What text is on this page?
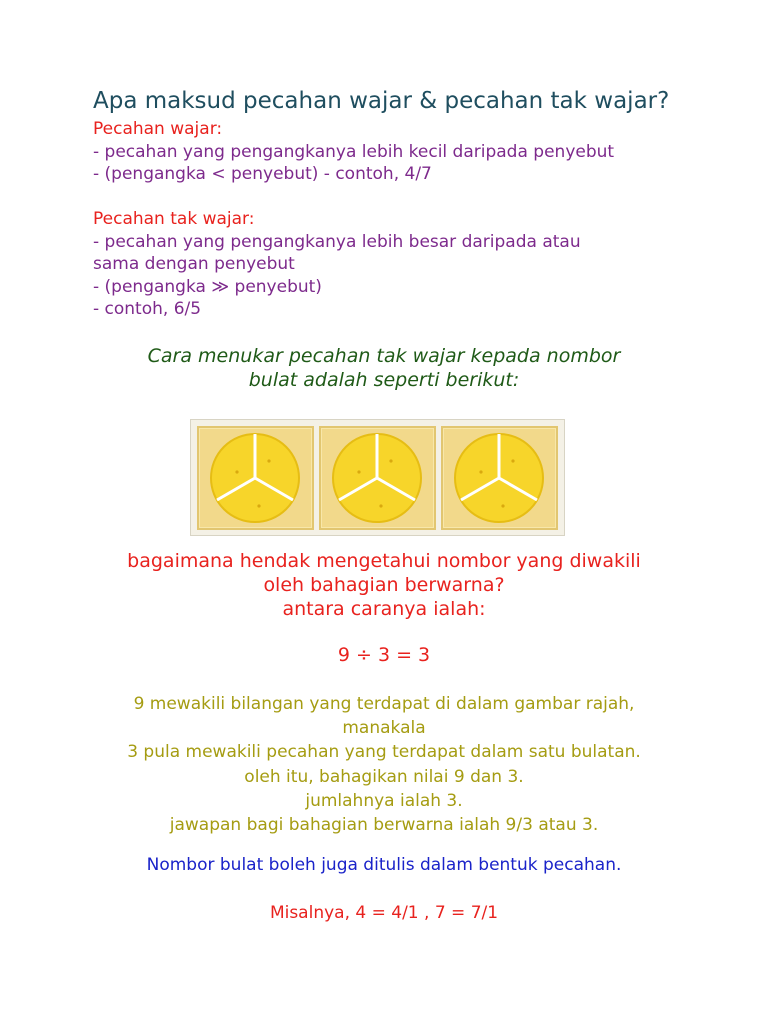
Apa maksud pecahan wajar & pecahan tak wajar?
Pecahan wajar:
- pecahan yang pengangkanya lebih kecil daripada penyebut
- (pengangka < penyebut) - contoh, 4/7
Pecahan tak wajar:
- pecahan yang pengangkanya lebih besar daripada atau
sama dengan penyebut
- (pengangka ≫ penyebut)
- contoh, 6/5
Cara menukar pecahan tak wajar kepada nombor
bulat adalah seperti berikut:
bagaimana hendak mengetahui nombor yang diwakili
oleh bahagian berwarna?
antara caranya ialah:
9 ÷ 3 = 3
9 mewakili bilangan yang terdapat di dalam gambar rajah,
manakala
3 pula mewakili pecahan yang terdapat dalam satu bulatan.
oleh itu, bahagikan nilai 9 dan 3.
jumlahnya ialah 3.
jawapan bagi bahagian berwarna ialah 9/3 atau 3.
Nombor bulat boleh juga ditulis dalam bentuk pecahan.
Misalnya, 4 = 4/1 , 7 = 7/1
